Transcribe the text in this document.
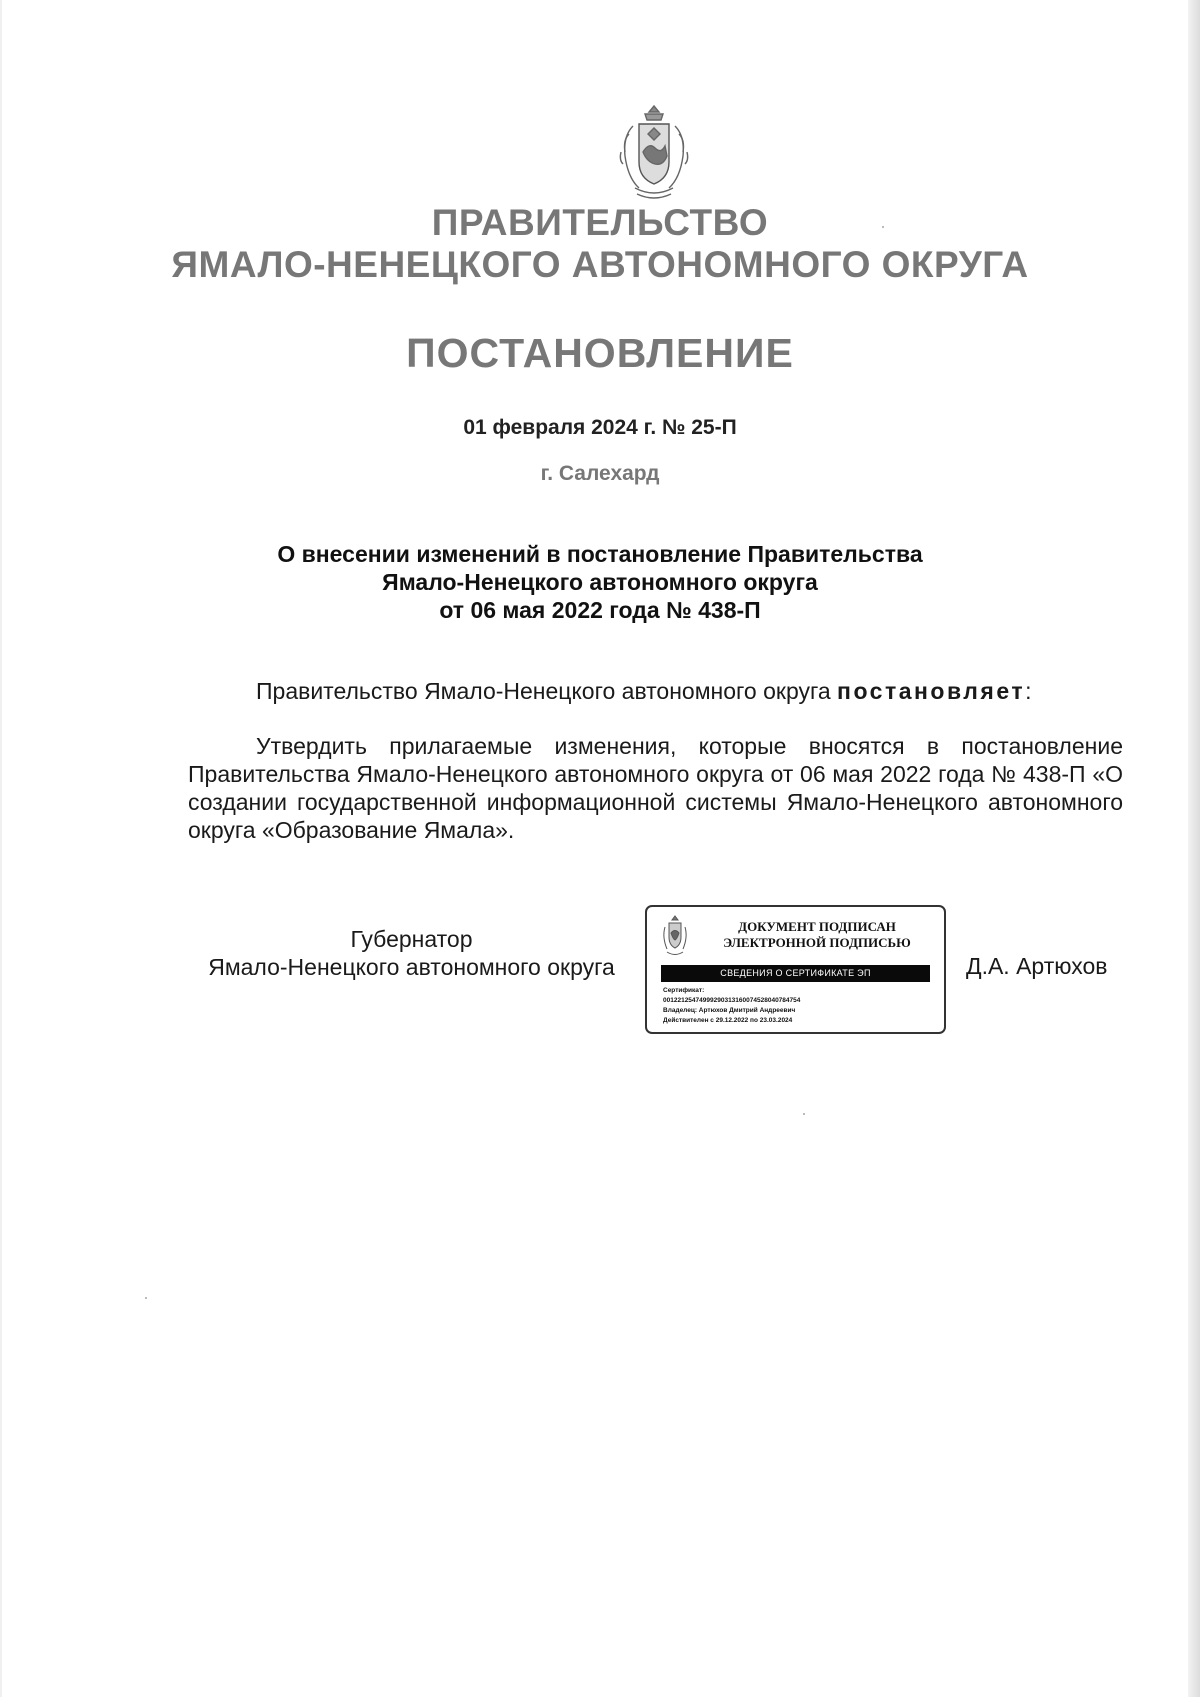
ПРАВИТЕЛЬСТВО
ЯМАЛО-НЕНЕЦКОГО АВТОНОМНОГО ОКРУГА
ПОСТАНОВЛЕНИЕ
01 февраля 2024 г. № 25-П
г. Салехард
О внесении изменений в постановление Правительства
Ямало-Ненецкого автономного округа
от 06 мая 2022 года № 438-П
Правительство Ямало-Ненецкого автономного округа постановляет:
Утвердить прилагаемые изменения, которые вносятся в постановление Правительства Ямало-Ненецкого автономного округа от 06 мая 2022 года № 438-П «О создании государственной информационной системы Ямало-Ненецкого автономного округа «Образование Ямала».
Губернатор
Ямало-Ненецкого автономного округа
ДОКУМЕНТ ПОДПИСАН
ЭЛЕКТРОННОЙ ПОДПИСЬЮ
СВЕДЕНИЯ О СЕРТИФИКАТЕ ЭП
Сертификат:
00122125474999290313160074528040784754
Владелец: Артюхов Дмитрий Андреевич
Действителен с 29.12.2022 по 23.03.2024
Д.А. Артюхов
